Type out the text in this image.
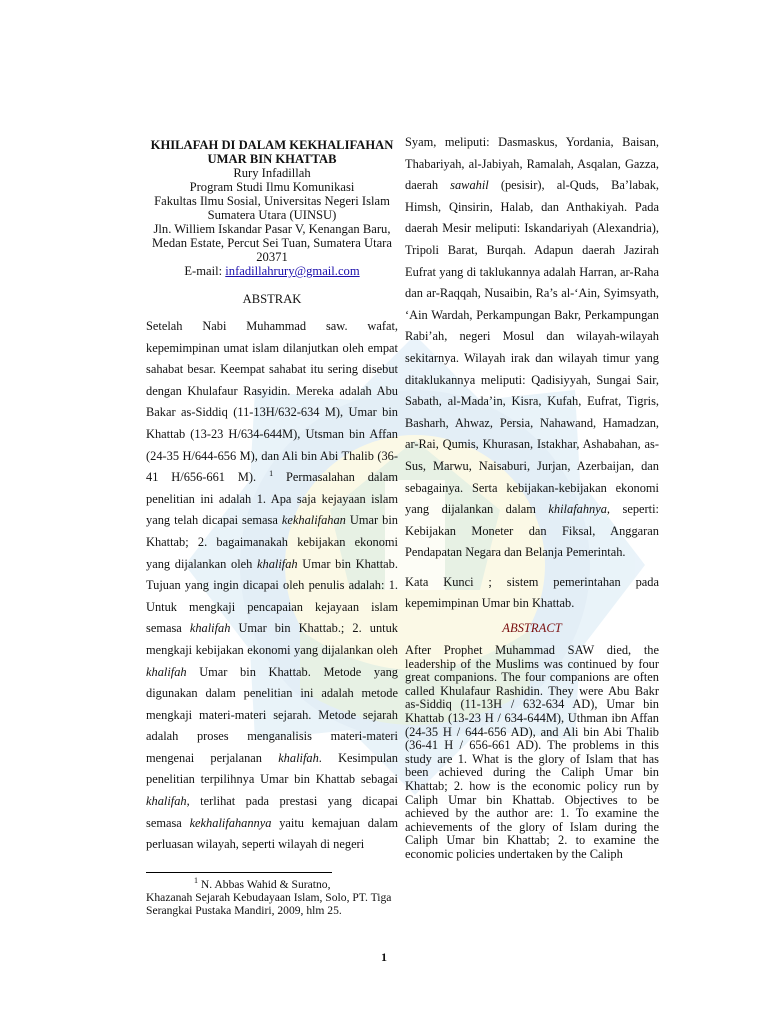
KHILAFAH DI DALAM KEKHALIFAHAN
UMAR BIN KHATTAB
Rury Infadillah
Program Studi Ilmu Komunikasi
Fakultas Ilmu Sosial, Universitas Negeri Islam
Sumatera Utara (UINSU)
Jln. Williem Iskandar Pasar V, Kenangan Baru,
Medan Estate, Percut Sei Tuan, Sumatera Utara
20371
E-mail: infadillahrury@gmail.com
ABSTRAK

Setelah Nabi Muhammad saw. wafat, kepemimpinan umat islam dilanjutkan oleh empat sahabat besar. Keempat sahabat itu sering disebut dengan Khulafaur Rasyidin. Mereka adalah Abu Bakar as-Siddiq (11-13H/632-634 M), Umar bin Khattab (13-23 H/634-644M), Utsman bin Affan (24-35 H/644-656 M), dan Ali bin Abi Thalib (36-41 H/656-661 M). $^1$ Permasalahan dalam penelitian ini adalah 1. Apa saja kejayaan islam yang telah dicapai semasa kekhalifahan Umar bin Khattab; 2. bagaimanakah kebijakan ekonomi yang dijalankan oleh khalifah Umar bin Khattab. Tujuan yang ingin dicapai oleh penulis adalah: 1. Untuk mengkaji pencapaian kejayaan islam semasa khalifah Umar bin Khattab.; 2. untuk mengkaji kebijakan ekonomi yang dijalankan oleh khalifah Umar bin Khattab. Metode yang digunakan dalam penelitian ini adalah metode mengkaji materi-materi sejarah. Metode sejarah adalah proses menganalisis materi-materi mengenai perjalanan khalifah. Kesimpulan penelitian terpilihnya Umar bin Khattab sebagai khalifah, terlihat pada prestasi yang dicapai semasa kekhalifahannya yaitu kemajuan dalam perluasan wilayah, seperti wilayah di negeri

Syam, meliputi: Dasmaskus, Yordania, Baisan, Thabariyah, al-Jabiyah, Ramalah, Asqalan, Gazza, daerah sawahil (pesisir), al-Quds, Ba’labak, Himsh, Qinsirin, Halab, dan Anthakiyah. Pada daerah Mesir meliputi: Iskandariyah (Alexandria), Tripoli Barat, Burqah. Adapun daerah Jazirah Eufrat yang di taklukannya adalah Harran, ar-Raha dan ar-Raqqah, Nusaibin, Ra’s al-‘Ain, Syimsyath, ‘Ain Wardah, Perkampungan Bakr, Perkampungan Rabi’ah, negeri Mosul dan wilayah-wilayah sekitarnya. Wilayah irak dan wilayah timur yang ditaklukannya meliputi: Qadisiyyah, Sungai Sair, Sabath, al-Mada’in, Kisra, Kufah, Eufrat, Tigris, Basharh, Ahwaz, Persia, Nahawand, Hamadzan, ar-Rai, Qumis, Khurasan, Istakhar, Ashabahan, as-Sus, Marwu, Naisaburi, Jurjan, Azerbaijan, dan sebagainya. Serta kebijakan-kebijakan ekonomi yang dijalankan dalam khilafahnya, seperti: Kebijakan Moneter dan Fiksal, Anggaran Pendapatan Negara dan Belanja Pemerintah.

Kata Kunci ; sistem pemerintahan pada kepemimpinan Umar bin Khattab.

ABSTRACT

After Prophet Muhammad SAW died, the leadership of the Muslims was continued by four great companions. The four companions are often called Khulafaur Rashidin. They were Abu Bakr as-Siddiq (11-13H / 632-634 AD), Umar bin Khattab (13-23 H / 634-644M), Uthman ibn Affan (24-35 H / 644-656 AD), and Ali bin Abi Thalib (36-41 H / 656-661 AD). The problems in this study are 1. What is the glory of Islam that has been achieved during the Caliph Umar bin Khattab; 2. how is the economic policy run by Caliph Umar bin Khattab. Objectives to be achieved by the author are: 1. To examine the achievements of the glory of Islam during the Caliph Umar bin Khattab; 2. to examine the economic policies undertaken by the Caliph

$^1$ N. Abbas Wahid & Suratno,
Khazanah Sejarah Kebudayaan Islam, Solo, PT. Tiga Serangkai Pustaka Mandiri, 2009, hlm 25.
1
